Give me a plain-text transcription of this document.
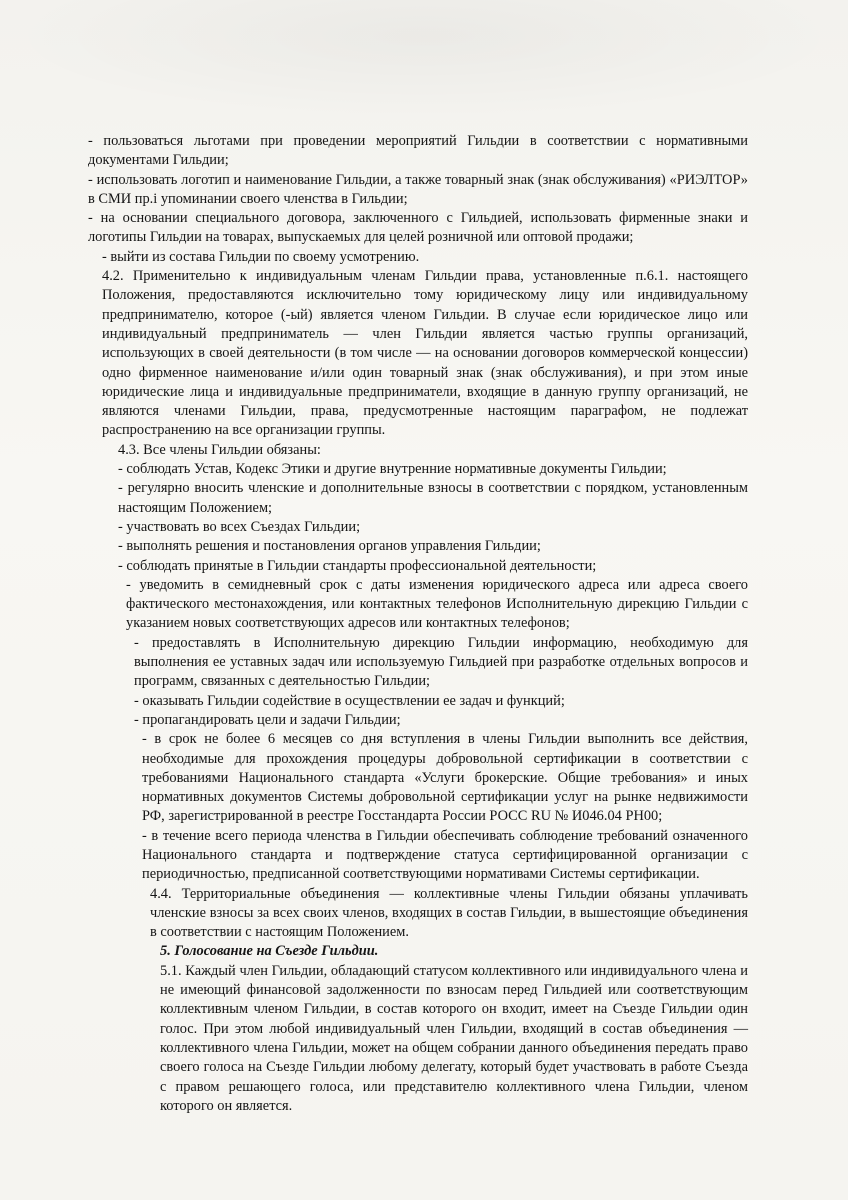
- пользоваться льготами при проведении мероприятий Гильдии в соответствии с нормативными документами Гильдии;

- использовать логотип и наименование Гильдии, а также товарный знак (знак обслуживания) «РИЭЛТОР» в СМИ пр.і упоминании своего членства в Гильдии;

- на основании специального договора, заключенного с Гильдией, использовать фирменные знаки и логотипы Гильдии на товарах, выпускаемых для целей розничной или оптовой продажи;

- выйти из состава Гильдии по своему усмотрению.

4.2. Применительно к индивидуальным членам Гильдии права, установленные п.6.1. настоящего Положения, предоставляются исключительно тому юридическому лицу или индивидуальному предпринимателю, которое (-ый) является членом Гильдии. В случае если юридическое лицо или индивидуальный предприниматель — член Гильдии является частью группы организаций, использующих в своей деятельности (в том числе — на основании договоров коммерческой концессии) одно фирменное наименование и/или один товарный знак (знак обслуживания), и при этом иные юридические лица и индивидуальные предприниматели, входящие в данную группу организаций, не являются членами Гильдии, права, предусмотренные настоящим параграфом, не подлежат распространению на все организации группы.

4.3. Все члены Гильдии обязаны:

- соблюдать Устав, Кодекс Этики и другие внутренние нормативные документы Гильдии;

- регулярно вносить членские и дополнительные взносы в соответствии с порядком, установленным настоящим Положением;

- участвовать во всех Съездах Гильдии;

- выполнять решения и постановления органов управления Гильдии;

- соблюдать принятые в Гильдии стандарты профессиональной деятельности;

- уведомить в семидневный срок с даты изменения юридического адреса или адреса своего фактического местонахождения, или контактных телефонов Исполнительную дирекцию Гильдии с указанием новых соответствующих адресов или контактных телефонов;

- предоставлять в Исполнительную дирекцию Гильдии информацию, необходимую для выполнения ее уставных задач или используемую Гильдией при разработке отдельных вопросов и программ, связанных с деятельностью Гильдии;

- оказывать Гильдии содействие в осуществлении ее задач и функций;

- пропагандировать цели и задачи Гильдии;

- в срок не более 6 месяцев со дня вступления в члены Гильдии выполнить все действия, необходимые для прохождения процедуры добровольной сертификации в соответствии с требованиями Национального стандарта «Услуги брокерские. Общие требования» и иных нормативных документов Системы добровольной сертификации услуг на рынке недвижимости РФ, зарегистрированной в реестре Госстандарта России РОСС RU № И046.04 РН00;

- в течение всего периода членства в Гильдии обеспечивать соблюдение требований означенного Национального стандарта и подтверждение статуса сертифицированной организации с периодичностью, предписанной соответствующими нормативами Системы сертификации.

4.4. Территориальные объединения — коллективные члены Гильдии обязаны уплачивать членские взносы за всех своих членов, входящих в состав Гильдии, в вышестоящие объединения в соответствии с настоящим Положением.

5. Голосование на Съезде Гильдии.

5.1. Каждый член Гильдии, обладающий статусом коллективного или индивидуального члена и не имеющий финансовой задолженности по взносам перед Гильдией или соответствующим коллективным членом Гильдии, в состав которого он входит, имеет на Съезде Гильдии один голос. При этом любой индивидуальный член Гильдии, входящий в состав объединения — коллективного члена Гильдии, может на общем собрании данного объединения передать право своего голоса на Съезде Гильдии любому делегату, который будет участвовать в работе Съезда с правом решающего голоса, или представителю коллективного члена Гильдии, членом которого он является.
